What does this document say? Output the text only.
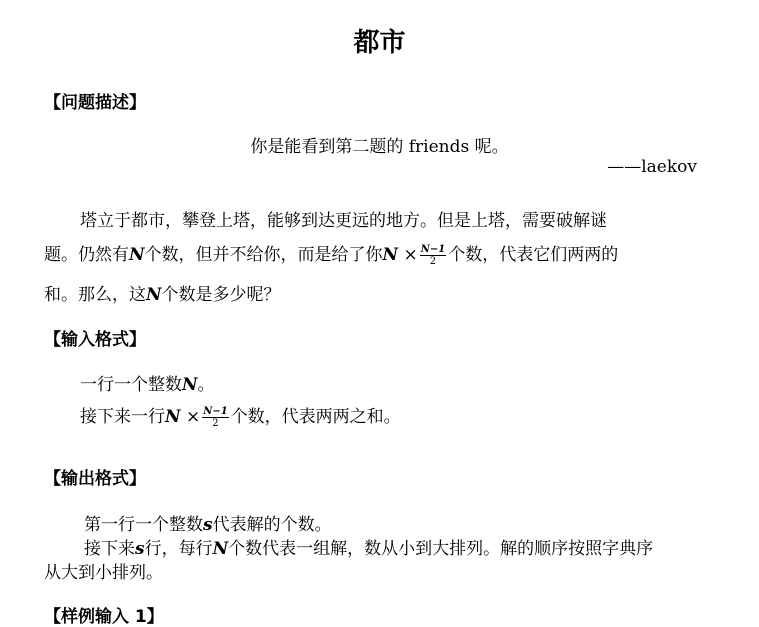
都市
【问题描述】
你是能看到第二题的 friends 呢。
——laekov
塔立于都市，攀登上塔，能够到达更远的地方。但是上塔，需要破解谜
题。仍然有N个数，但并不给你，而是给了你$N \times \frac{N-1}{2}$ 个数，代表它们两两的
和。那么，这N个数是多少呢？
【输入格式】
一行一个整数N。
接下来一行$N \times \frac{N-1}{2}$ 个数，代表两两之和。
【输出格式】
第一行一个整数s代表解的个数。
接下来s行，每行N个数代表一组解，数从小到大排列。解的顺序按照字典序
从大到小排列。
【样例输入 1】
